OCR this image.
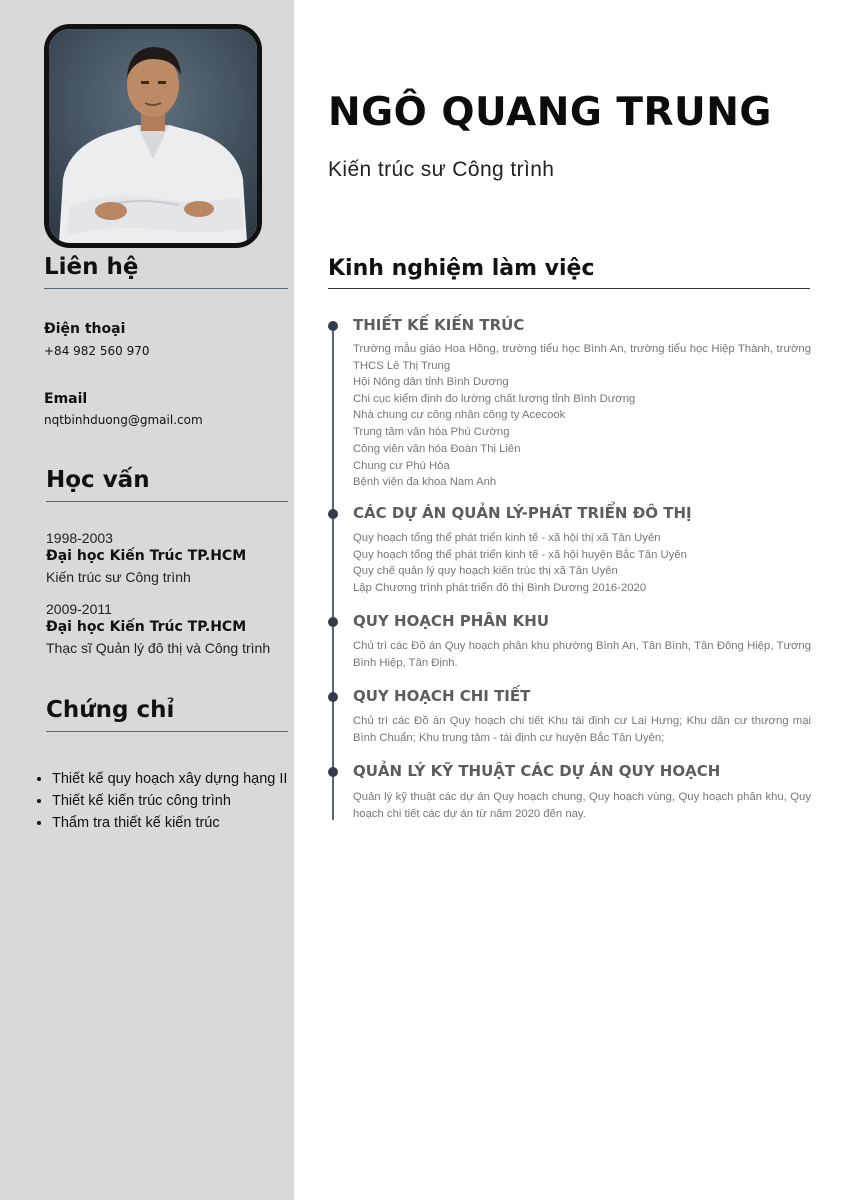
Liên hệ
Điện thoại
+84 982 560 970
Email
nqtbinhduong@gmail.com
Học vấn
1998-2003
Đại học Kiến Trúc TP.HCM
Kiến trúc sư Công trình
2009-2011
Đại học Kiến Trúc TP.HCM
Thạc sĩ Quản lý đô thị và Công trình
Chứng chỉ
• Thiết kế quy hoạch xây dựng hạng II
• Thiết kế kiến trúc công trình
• Thẩm tra thiết kế kiến trúc
NGÔ QUANG TRUNG
Kiến trúc sư Công trình
Kinh nghiệm làm việc
THIẾT KẾ KIẾN TRÚC

Trường mẫu giáo Hoa Hồng, trường tiểu học Bình An, trường tiểu học Hiệp Thành, trường THCS Lê Thị Trung

Hội Nông dân tỉnh Bình Dương
Chi cục kiểm định đo lường chất lượng tỉnh Bình Dương
Nhà chung cư công nhân công ty Acecook
Trung tâm văn hóa Phú Cường
Công viên văn hóa Đoàn Thị Liên
Chung cư Phú Hòa
Bệnh viện đa khoa Nam Anh
CÁC DỰ ÁN QUẢN LÝ-PHÁT TRIỂN ĐÔ THỊ
Quy hoạch tổng thể phát triển kinh tế - xã hội thị xã Tân Uyên
Quy hoạch tổng thể phát triển kinh tế - xã hội huyện Bắc Tân Uyên
Quy chế quản lý quy hoạch kiến trúc thị xã Tân Uyên
Lập Chương trình phát triển đô thị Bình Dương 2016-2020
QUY HOẠCH PHÂN KHU

Chủ trì các Đồ án Quy hoạch phân khu phường Bình An, Tân Bình, Tân Đông Hiệp, Tương Bình Hiệp, Tân Định.

QUY HOẠCH CHI TIẾT

Chủ trì các Đồ án Quy hoạch chi tiết Khu tái định cư Lai Hưng; Khu dân cư thương mại Bình Chuẩn; Khu trung tâm - tái định cư huyện Bắc Tân Uyên;

QUẢN LÝ KỸ THUẬT CÁC DỰ ÁN QUY HOẠCH

Quản lý kỹ thuật các dự án Quy hoạch chung, Quy hoạch vùng, Quy hoạch phân khu, Quy hoạch chi tiết các dự án từ năm 2020 đến nay.
